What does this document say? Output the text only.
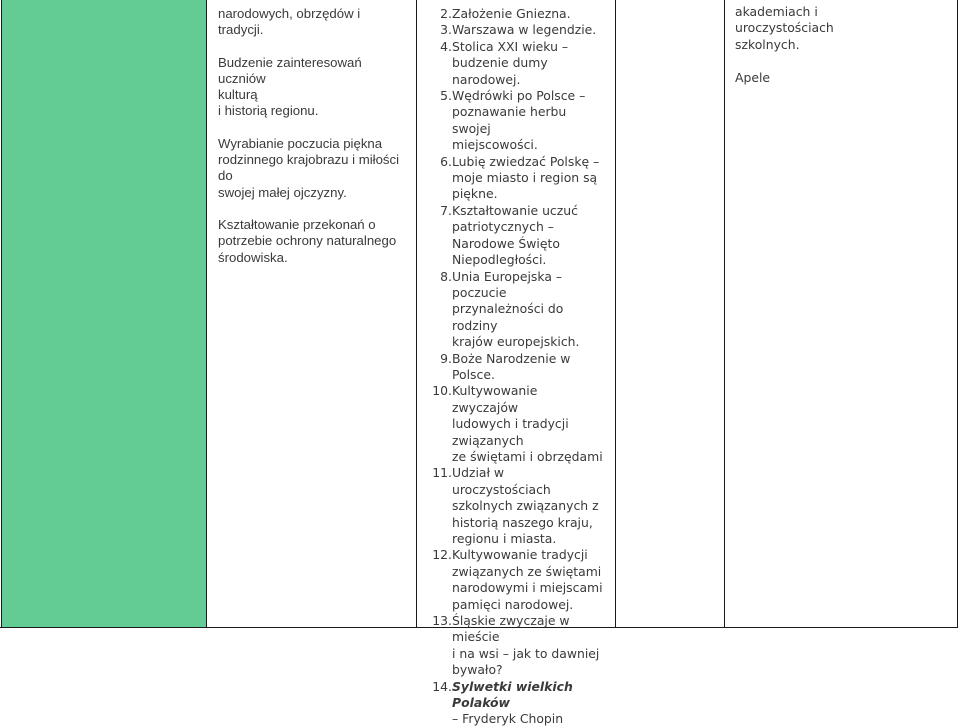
narodowych, obrzędów i tradycji.

Budzenie zainteresowań uczniów
kulturą
i historią regionu.

Wyrabianie poczucia piękna
rodzinnego krajobrazu i miłości do
swojej małej ojczyzny.

Kształtowanie przekonań o
potrzebie ochrony naturalnego
środowiska.

2. Założenie Gniezna.
3. Warszawa w legendzie.
4. Stolica XXI wieku –
budzenie dumy
narodowej.
5. Wędrówki po Polsce –
poznawanie herbu swojej
miejscowości.
6. Lubię zwiedzać Polskę –
moje miasto i region są
piękne.
7. Kształtowanie uczuć
patriotycznych –
Narodowe Święto
Niepodległości.
8. Unia Europejska – poczucie
przynależności do rodziny
krajów europejskich.
9. Boże Narodzenie w Polsce.
10. Kultywowanie zwyczajów
ludowych i tradycji
związanych
ze świętami i obrzędami
11. Udział w uroczystościach
szkolnych związanych z
historią naszego kraju,
regionu i miasta.
12. Kultywowanie tradycji
związanych ze świętami
narodowymi i miejscami
pamięci narodowej.
13. Śląskie zwyczaje w mieście
i na wsi – jak to dawniej
bywało?
14. Sylwetki wielkich Polaków
– Fryderyk Chopin

akademiach i
uroczystościach
szkolnych.

Apele
